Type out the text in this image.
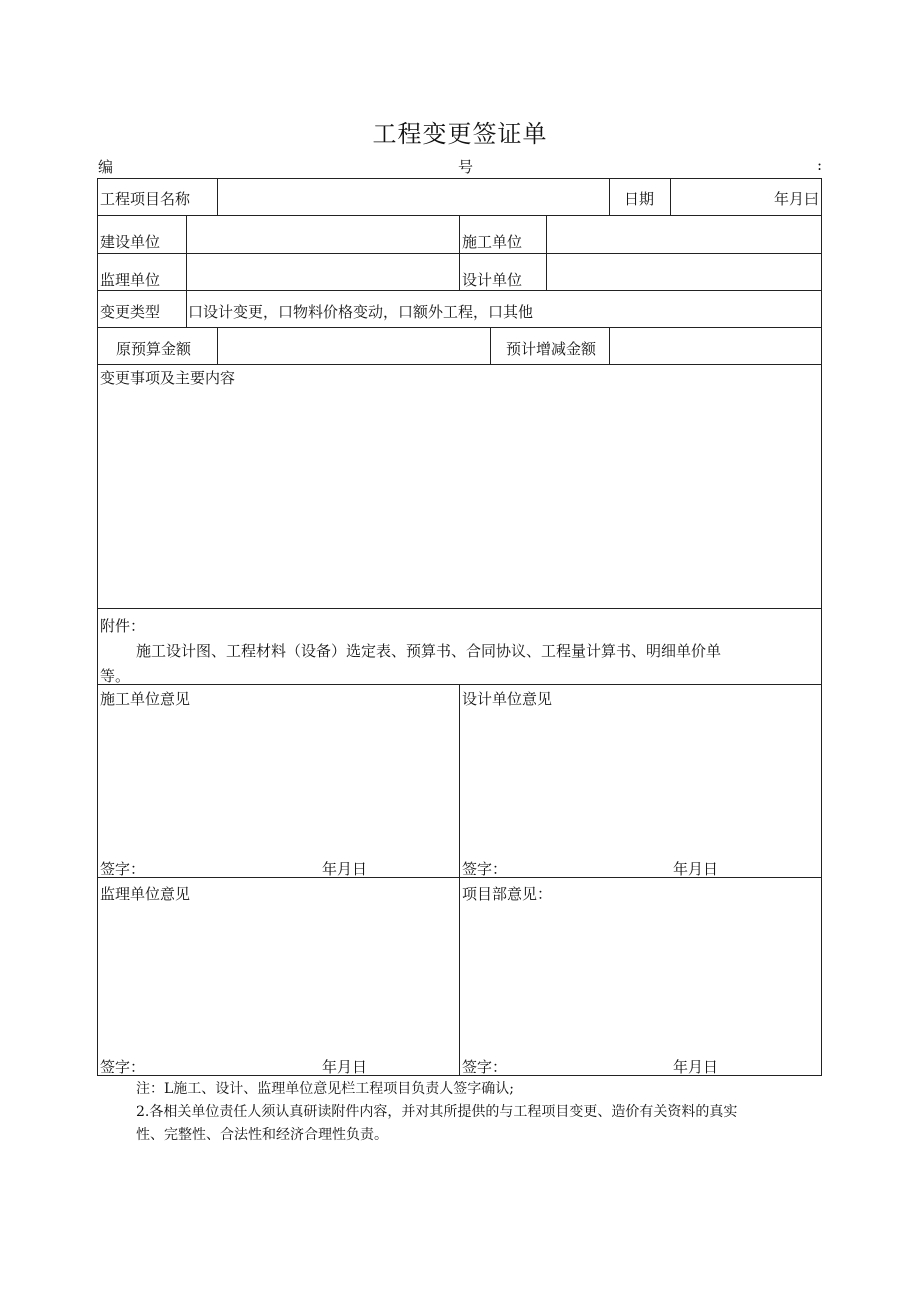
工程变更签证单
编	号	:
工程项目名称	日期	年月曰
建设单位	施工单位
监理单位	设计单位
变更类型 口设计变更，口物料价格变动，口额外工程，口其他
原预算金额	预计增减金额
变更事项及主要内容
附件：
施工设计图、工程材料（设备）选定表、预算书、合同协议、工程量计算书、明细单价单
等。
施工单位意见
签字：	年月日
设计单位意见
签字：	年月日
监理单位意见
签字：	年月日
项目部意见：
签字：	年月日
注：L施工、设计、监理单位意见栏工程项目负责人签字确认;
2.各相关单位责任人须认真研读附件内容，并对其所提供的与工程项目变更、造价有关资料的真实
性、完整性、合法性和经济合理性负责。
